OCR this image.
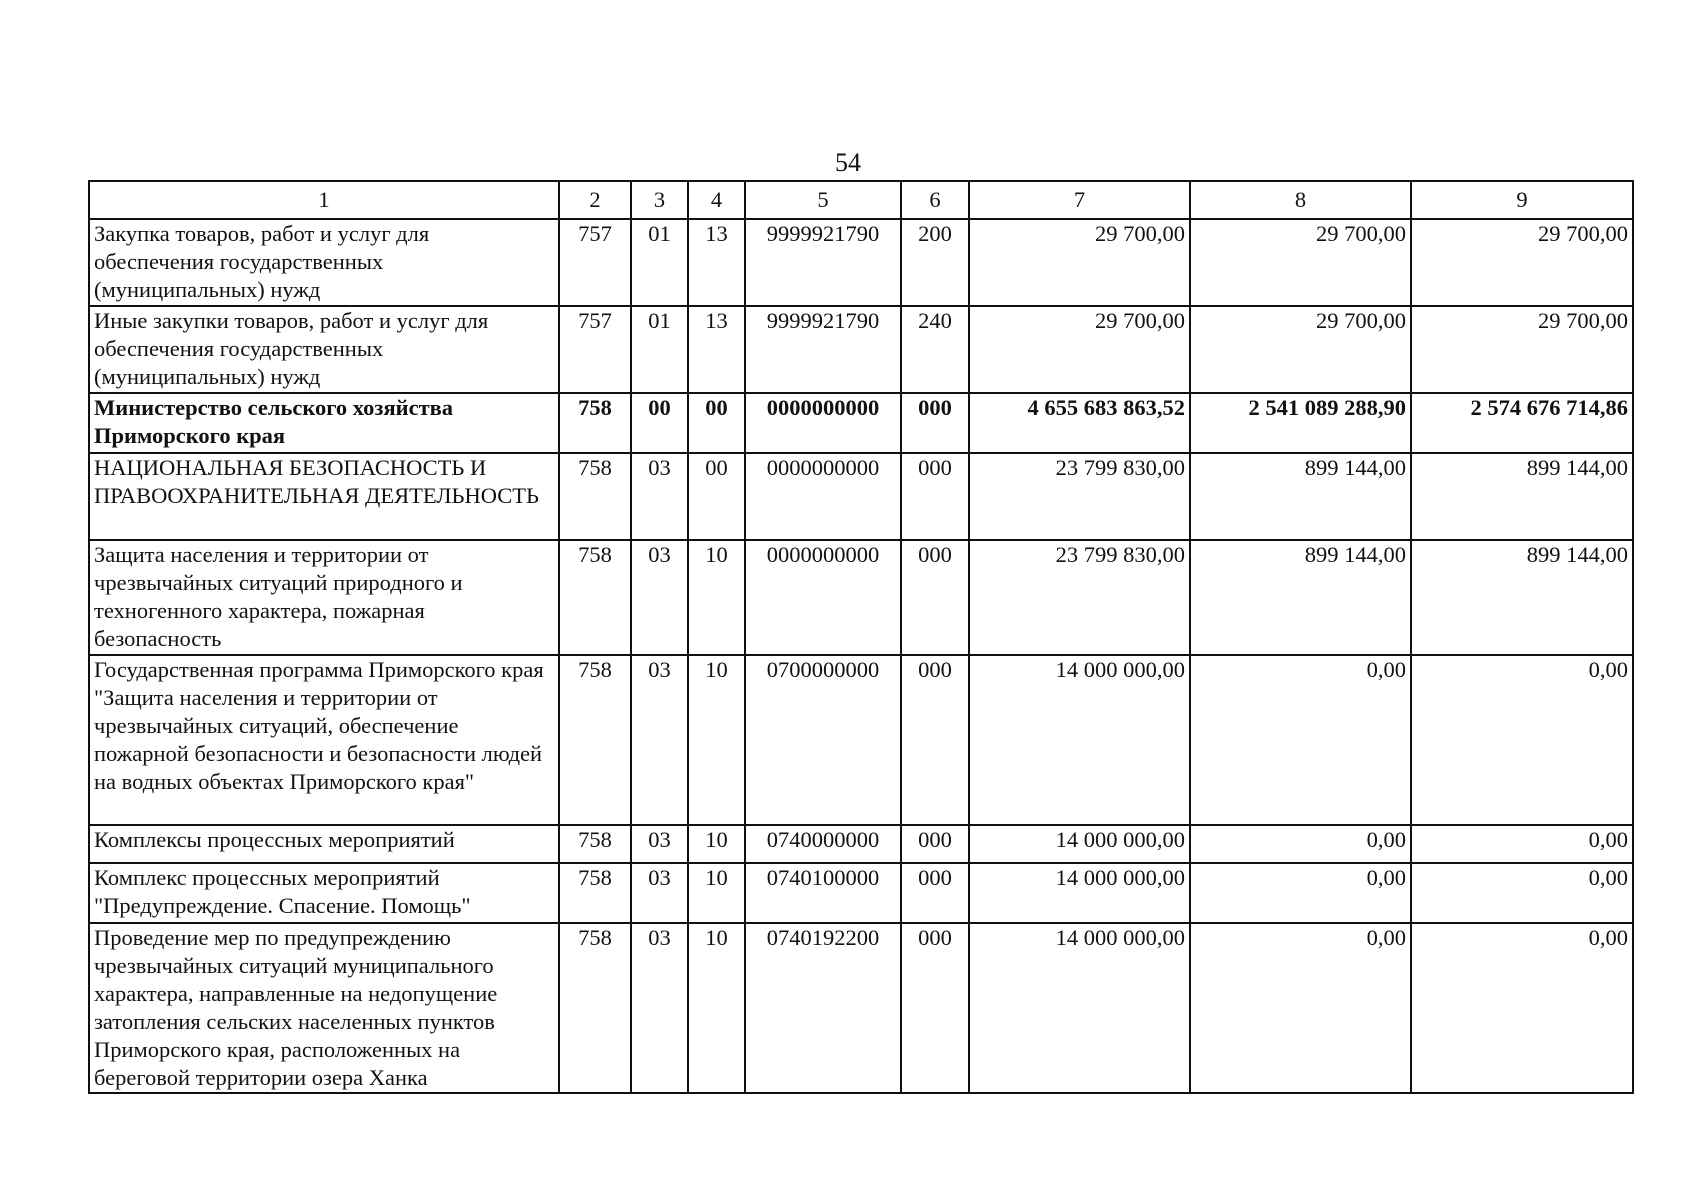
54
1	2	3	4	5	6	7	8	9
Закупка товаров, работ и услуг для обеспечения государственных (муниципальных) нужд	757	01	13	9999921790	200	29 700,00	29 700,00	29 700,00
Иные закупки товаров, работ и услуг для обеспечения государственных (муниципальных) нужд	757	01	13	9999921790	240	29 700,00	29 700,00	29 700,00
Министерство сельского хозяйства Приморского края	758	00	00	0000000000	000	4 655 683 863,52	2 541 089 288,90	2 574 676 714,86
НАЦИОНАЛЬНАЯ БЕЗОПАСНОСТЬ И ПРАВООХРАНИТЕЛЬНАЯ ДЕЯТЕЛЬНОСТЬ	758	03	00	0000000000	000	23 799 830,00	899 144,00	899 144,00
Защита населения и территории от чрезвычайных ситуаций природного и техногенного характера, пожарная безопасность	758	03	10	0000000000	000	23 799 830,00	899 144,00	899 144,00
Государственная программа Приморского края "Защита населения и территории от чрезвычайных ситуаций, обеспечение пожарной безопасности и безопасности людей на водных объектах Приморского края"	758	03	10	0700000000	000	14 000 000,00	0,00	0,00
Комплексы процессных мероприятий	758	03	10	0740000000	000	14 000 000,00	0,00	0,00
Комплекс процессных мероприятий "Предупреждение. Спасение. Помощь"	758	03	10	0740100000	000	14 000 000,00	0,00	0,00
Проведение мер по предупреждению чрезвычайных ситуаций муниципального характера, направленные на недопущение затопления сельских населенных пунктов Приморского края, расположенных на береговой территории озера Ханка	758	03	10	0740192200	000	14 000 000,00	0,00	0,00
